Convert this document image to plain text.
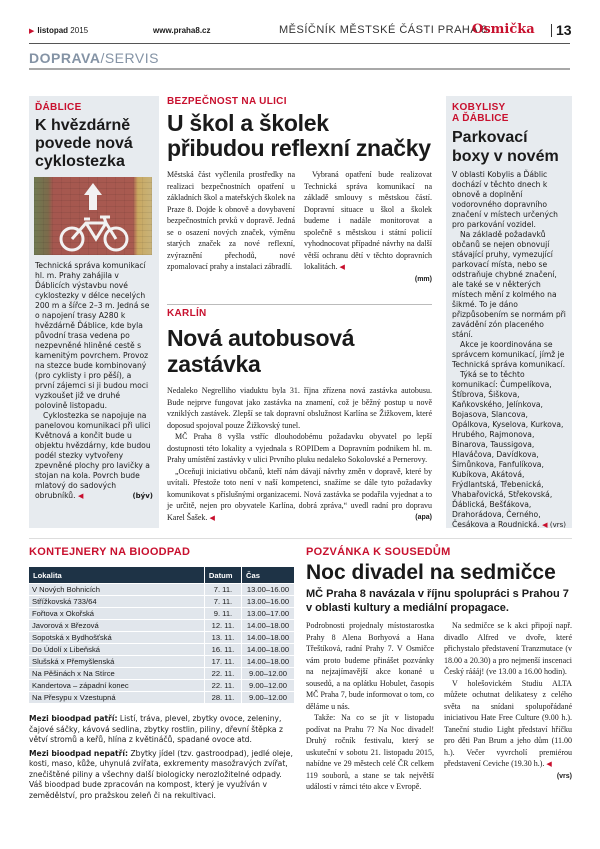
▶ listopad 2015	www.praha8.cz	MĚSÍČNÍK MĚSTSKÉ ČÁSTI PRAHA 8
Osmička 13
DOPRAVA/SERVIS
ĎÁBLICE
K hvězdárně povede nová cyklostezka

Technická správa komunikací hl. m. Prahy zahájila v Ďáblicích výstavbu nové cyklostezky v délce necelých 200 m a šířce 2–3 m. Jedná se o napojení trasy A280 k hvězdárně Ďáblice, kde byla původní trasa vedena po nezpevněné hliněné cestě s kamenitým povrchem. Provoz na stezce bude kombinovaný (pro cyklisty i pro pěší), a první zájemci si ji budou moci vyzkoušet již ve druhé polovině listopadu.

Cyklostezka se napojuje na panelovou komunikaci při ulici Květnová a končit bude u objektu hvězdárny, kde budou podél stezky vytvořeny zpevněné plochy pro lavičky a stojan na kola. Povrch bude mlatový do sadových obrubníků. ◀	(býv)

BEZPEČNOST NA ULICI
U škol a školek přibudou reflexní značky

Městská část vyčlenila prostředky na realizaci bezpečnostních opatření u základních škol a mateřských školek na Praze 8. Dojde k obnově a dovybavení bezpečnostních prvků v dopravě. Jedná se o osazení nových značek, výměnu starých značek za nové reflexní, zvýraznění přechodů, nové zpomalovací prahy a instalaci zábradlí.

Vybraná opatření bude realizovat Technická správa komunikací na základě smlouvy s městskou částí. Dopravní situace u škol a školek budeme i nadále monitorovat a společně s městskou i státní policií vyhodnocovat případné návrhy na další větší ochranu dětí v těchto dopravních lokalitách. ◀

(mm)
KARLÍN
Nová autobusová zastávka

Nedaleko Negrelliho viaduktu byla 31. října zřízena nová zastávka autobusu. Bude nejprve fungovat jako zastávka na znamení, což je běžný postup u nově vzniklých zastávek. Zlepší se tak dopravní obslužnost Karlína se Žižkovem, které doposud spojoval pouze Žižkovský tunel.

MČ Praha 8 vyšla vstříc dlouhodobému požadavku obyvatel po lepší dostupnosti této lokality a vyjednala s ROPIDem a Dopravním podnikem hl. m. Prahy umístění zastávky v ulici Prvního pluku nedaleko Sokolovské a Pernerovy.

„Oceňuji iniciativu občanů, kteří nám dávají návrhy změn v dopravě, které by uvítali. Přestože toto není v naší kompetenci, snažíme se dále tyto požadavky komunikovat s příslušnými organizacemi. Nová zastávka se podařila vyjednat a to je určitě, nejen pro obyvatele Karlína, dobrá zpráva,“ uvedl radní pro dopravu Karel Šašek. ◀	(apa)

KOBYLISY
A ĎÁBLICE
Parkovací boxy v novém

V oblasti Kobylis a Ďáblic dochází v těchto dnech k obnově a doplnění vodorovného dopravního značení v místech určených pro parkování vozidel.

Na základě požadavků občanů se nejen obnovují stávající pruhy, vymezující parkovací místa, nebo se odstraňuje chybné značení, ale také se v některých místech mění z kolmého na šikmé. To je dáno přizpůsobením se normám při zavádění zón placeného stání.

Akce je koordinována se správcem komunikací, jímž je Technická správa komunikací.

Týká se to těchto komunikací: Čumpelíkova, Štíbrova, Šiškova, Kaňkovského, Jelínkova, Bojasova, Slancova, Opálkova, Kyselova, Kurkova, Hrubého, Rajmonova, Binarova, Taussigova, Hlaváčova, Davídkova, Šimůnkova, Fanfulíkova, Kubíkova, Akátová, Frýdlantská, Třebenická, Vhabařovická, Střekovská, Ďáblická, Bešťákova, Drahorádova, Černého, Česákova a Roudnická. ◀ (vrs)

KONTEJNERY NA BIOODPAD
Lokalita	Datum	Čas
V Nových Bohnicích	7. 11.	13.00–16.00
Střížkovská 733/64	7. 11.	13.00–16.00
Fořtova x Okořská	9. 11.	13.00–17.00
Javorová x Březová	12. 11.	14.00–18.00
Sopotská x Bydhošťská	13. 11.	14.00–18.00
Do Údolí x Libeňská	16. 11.	14.00–18.00
Slušská x Přemyšlenská	17. 11.	14.00–18.00
Na Pěšinách x Na Stírce	22. 11.	9.00–12.00
Kandertova – západní konec	22. 11.	9.00–12.00
Na Přesypu x Vzestupná	28. 11.	9.00–12.00

Mezi bioodpad patří: Listí, tráva, plevel, zbytky ovoce, zeleniny, čajové sáčky, kávová sedlina, zbytky rostlin, piliny, dřevní štěpka z větví stromů a keřů, hlína z květináčů, spadané ovoce atd.

Mezi bioodpad nepatří: Zbytky jídel (tzv. gastroodpad), jedlé oleje, kosti, maso, kůže, uhynulá zvířata, exkrementy masožravých zvířat, znečištěné piliny a všechny další biologicky nerozložitelné odpady. Váš bioodpad bude zpracován na kompost, který je využíván v zemědělství, pro pražskou zeleň či na rekultivaci.

POZVÁNKA K SOUSEDŮM
Noc divadel na sedmičce
MČ Praha 8 navázala v říjnu spolupráci s Prahou 7 v oblasti kultury a mediální propagace.

Podrobnosti projednaly místostarostka Prahy 8 Alena Borhyová a Hana Třeštíková, radní Prahy 7. V Osmičce vám proto budeme přinášet pozvánky na nejzajímavější akce konané u sousedů, a na oplátku Hobulet, časopis MČ Praha 7, bude informovat o tom, co děláme u nás.

Takže: Na co se jít v listopadu podívat na Prahu 7? Na Noc divadel! Druhý ročník festivalu, který se uskuteční v sobotu 21. listopadu 2015, nabídne ve 29 městech celé ČR celkem 119 souborů, a stane se tak největší událostí v rámci této akce v Evropě.

Na sedmičce se k akci připojí např. divadlo Alfred ve dvoře, které přichystalo představení Tranzmutace (v 18.00 a 20.30) a pro nejmenší inscenaci Český ráááj! (ve 13.00 a 16.00 hodin).

V holešovickém Studiu ALTA můžete ochutnat delikatesy z celého světa na snídani spolupořádané iniciativou Hate Free Culture (9.00 h.). Taneční studio Light představí hříčku pro děti Pan Brum a jeho dům (11.00 h.). Večer vyvrcholí premiérou představení Ceviche (19.30 h.). ◀

(vrs)
